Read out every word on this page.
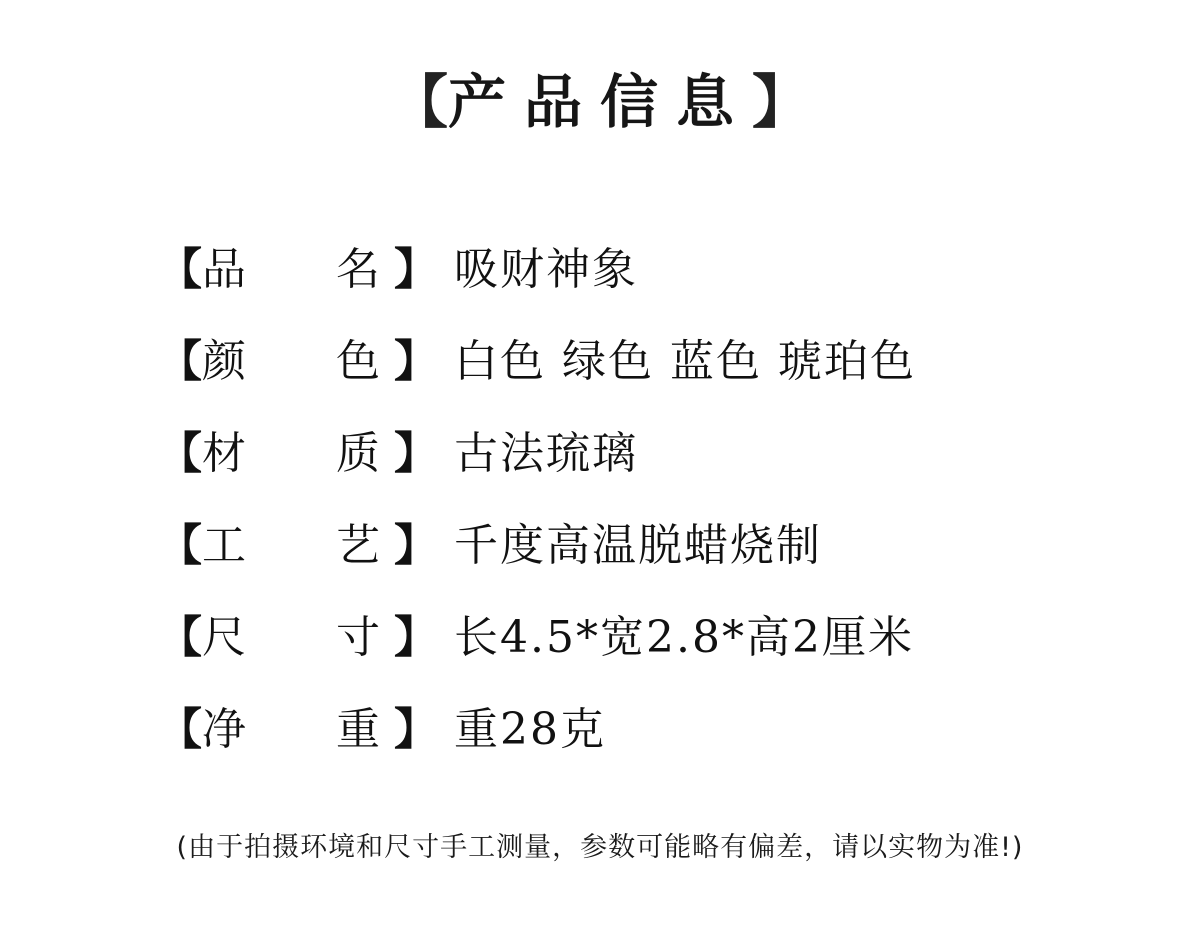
【产品信息】
【 品 名 】 吸财神象
【 颜 色 】 白色 绿色 蓝色 琥珀色
【 材 质 】 古法琉璃
【 工 艺 】 千度高温脱蜡烧制
【 尺 寸 】 长4.5*宽2.8*高2厘米
【 净 重 】 重28克
(由于拍摄环境和尺寸手工测量，参数可能略有偏差，请以实物为准!)
